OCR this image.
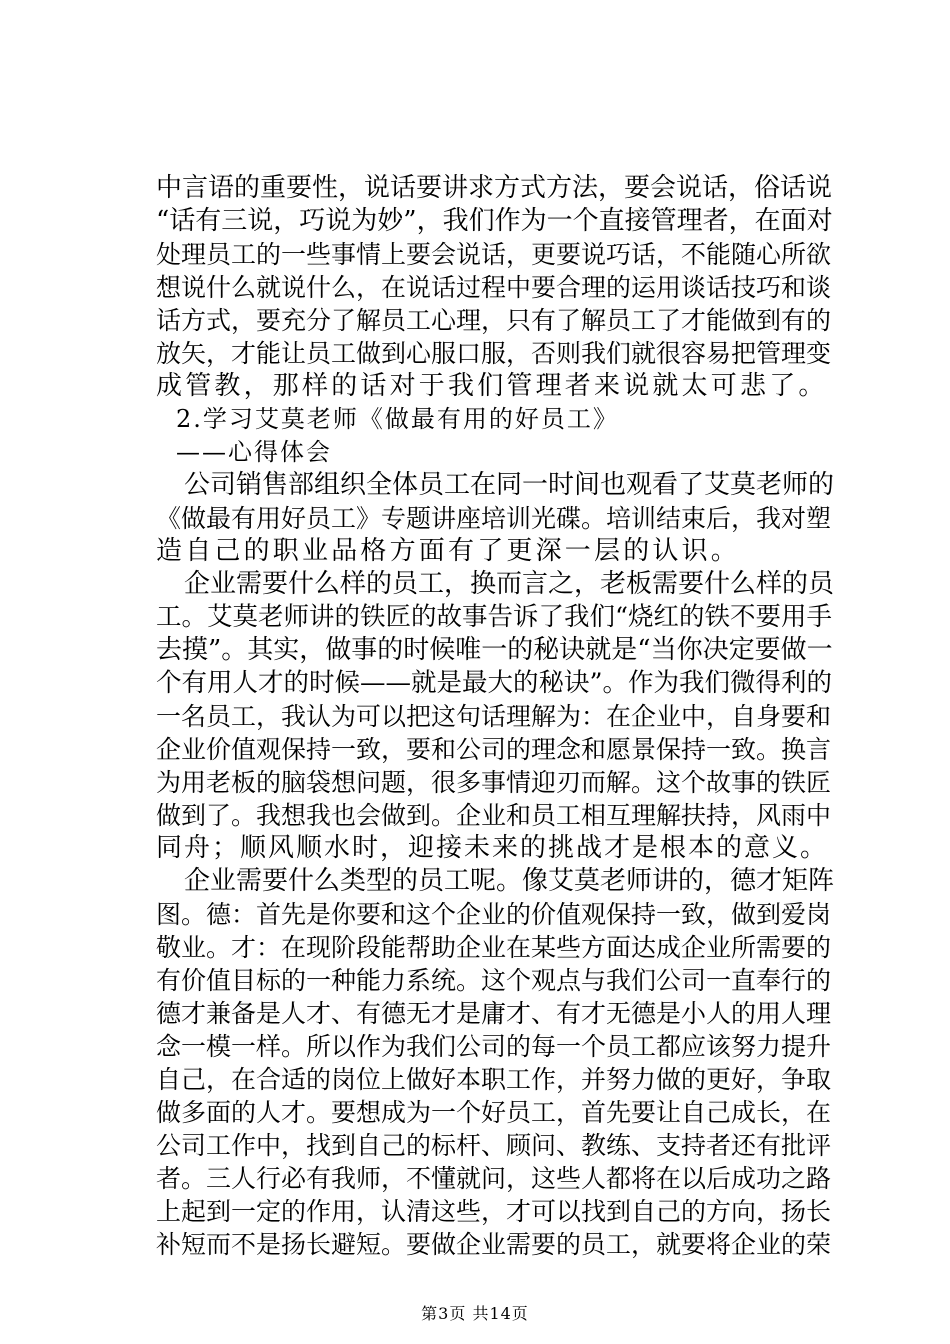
中言语的重要性，说话要讲求方式方法，要会说话，俗话说
“话有三说，巧说为妙”，我们作为一个直接管理者，在面对
处理员工的一些事情上要会说话，更要说巧话，不能随心所欲
想说什么就说什么，在说话过程中要合理的运用谈话技巧和谈
话方式，要充分了解员工心理，只有了解员工了才能做到有的
放矢，才能让员工做到心服口服，否则我们就很容易把管理变
成管教，那样的话对于我们管理者来说就太可悲了。
2.学习艾莫老师《做最有用的好员工》
——心得体会
公司销售部组织全体员工在同一时间也观看了艾莫老师的
《做最有用好员工》专题讲座培训光碟。培训结束后，我对塑
造自己的职业品格方面有了更深一层的认识。
企业需要什么样的员工，换而言之，老板需要什么样的员
工。艾莫老师讲的铁匠的故事告诉了我们“烧红的铁不要用手
去摸”。其实，做事的时候唯一的秘诀就是“当你决定要做一
个有用人才的时候——就是最大的秘诀”。作为我们微得利的
一名员工，我认为可以把这句话理解为：在企业中，自身要和
企业价值观保持一致，要和公司的理念和愿景保持一致。换言
为用老板的脑袋想问题，很多事情迎刃而解。这个故事的铁匠
做到了。我想我也会做到。企业和员工相互理解扶持，风雨中
同舟；顺风顺水时，迎接未来的挑战才是根本的意义。
企业需要什么类型的员工呢。像艾莫老师讲的，德才矩阵
图。德：首先是你要和这个企业的价值观保持一致，做到爱岗
敬业。才：在现阶段能帮助企业在某些方面达成企业所需要的
有价值目标的一种能力系统。这个观点与我们公司一直奉行的
德才兼备是人才、有德无才是庸才、有才无德是小人的用人理
念一模一样。所以作为我们公司的每一个员工都应该努力提升
自己，在合适的岗位上做好本职工作，并努力做的更好，争取
做多面的人才。要想成为一个好员工，首先要让自己成长，在
公司工作中，找到自己的标杆、顾问、教练、支持者还有批评
者。三人行必有我师，不懂就问，这些人都将在以后成功之路
上起到一定的作用，认清这些，才可以找到自己的方向，扬长
补短而不是扬长避短。要做企业需要的员工，就要将企业的荣
第3页 共14页
